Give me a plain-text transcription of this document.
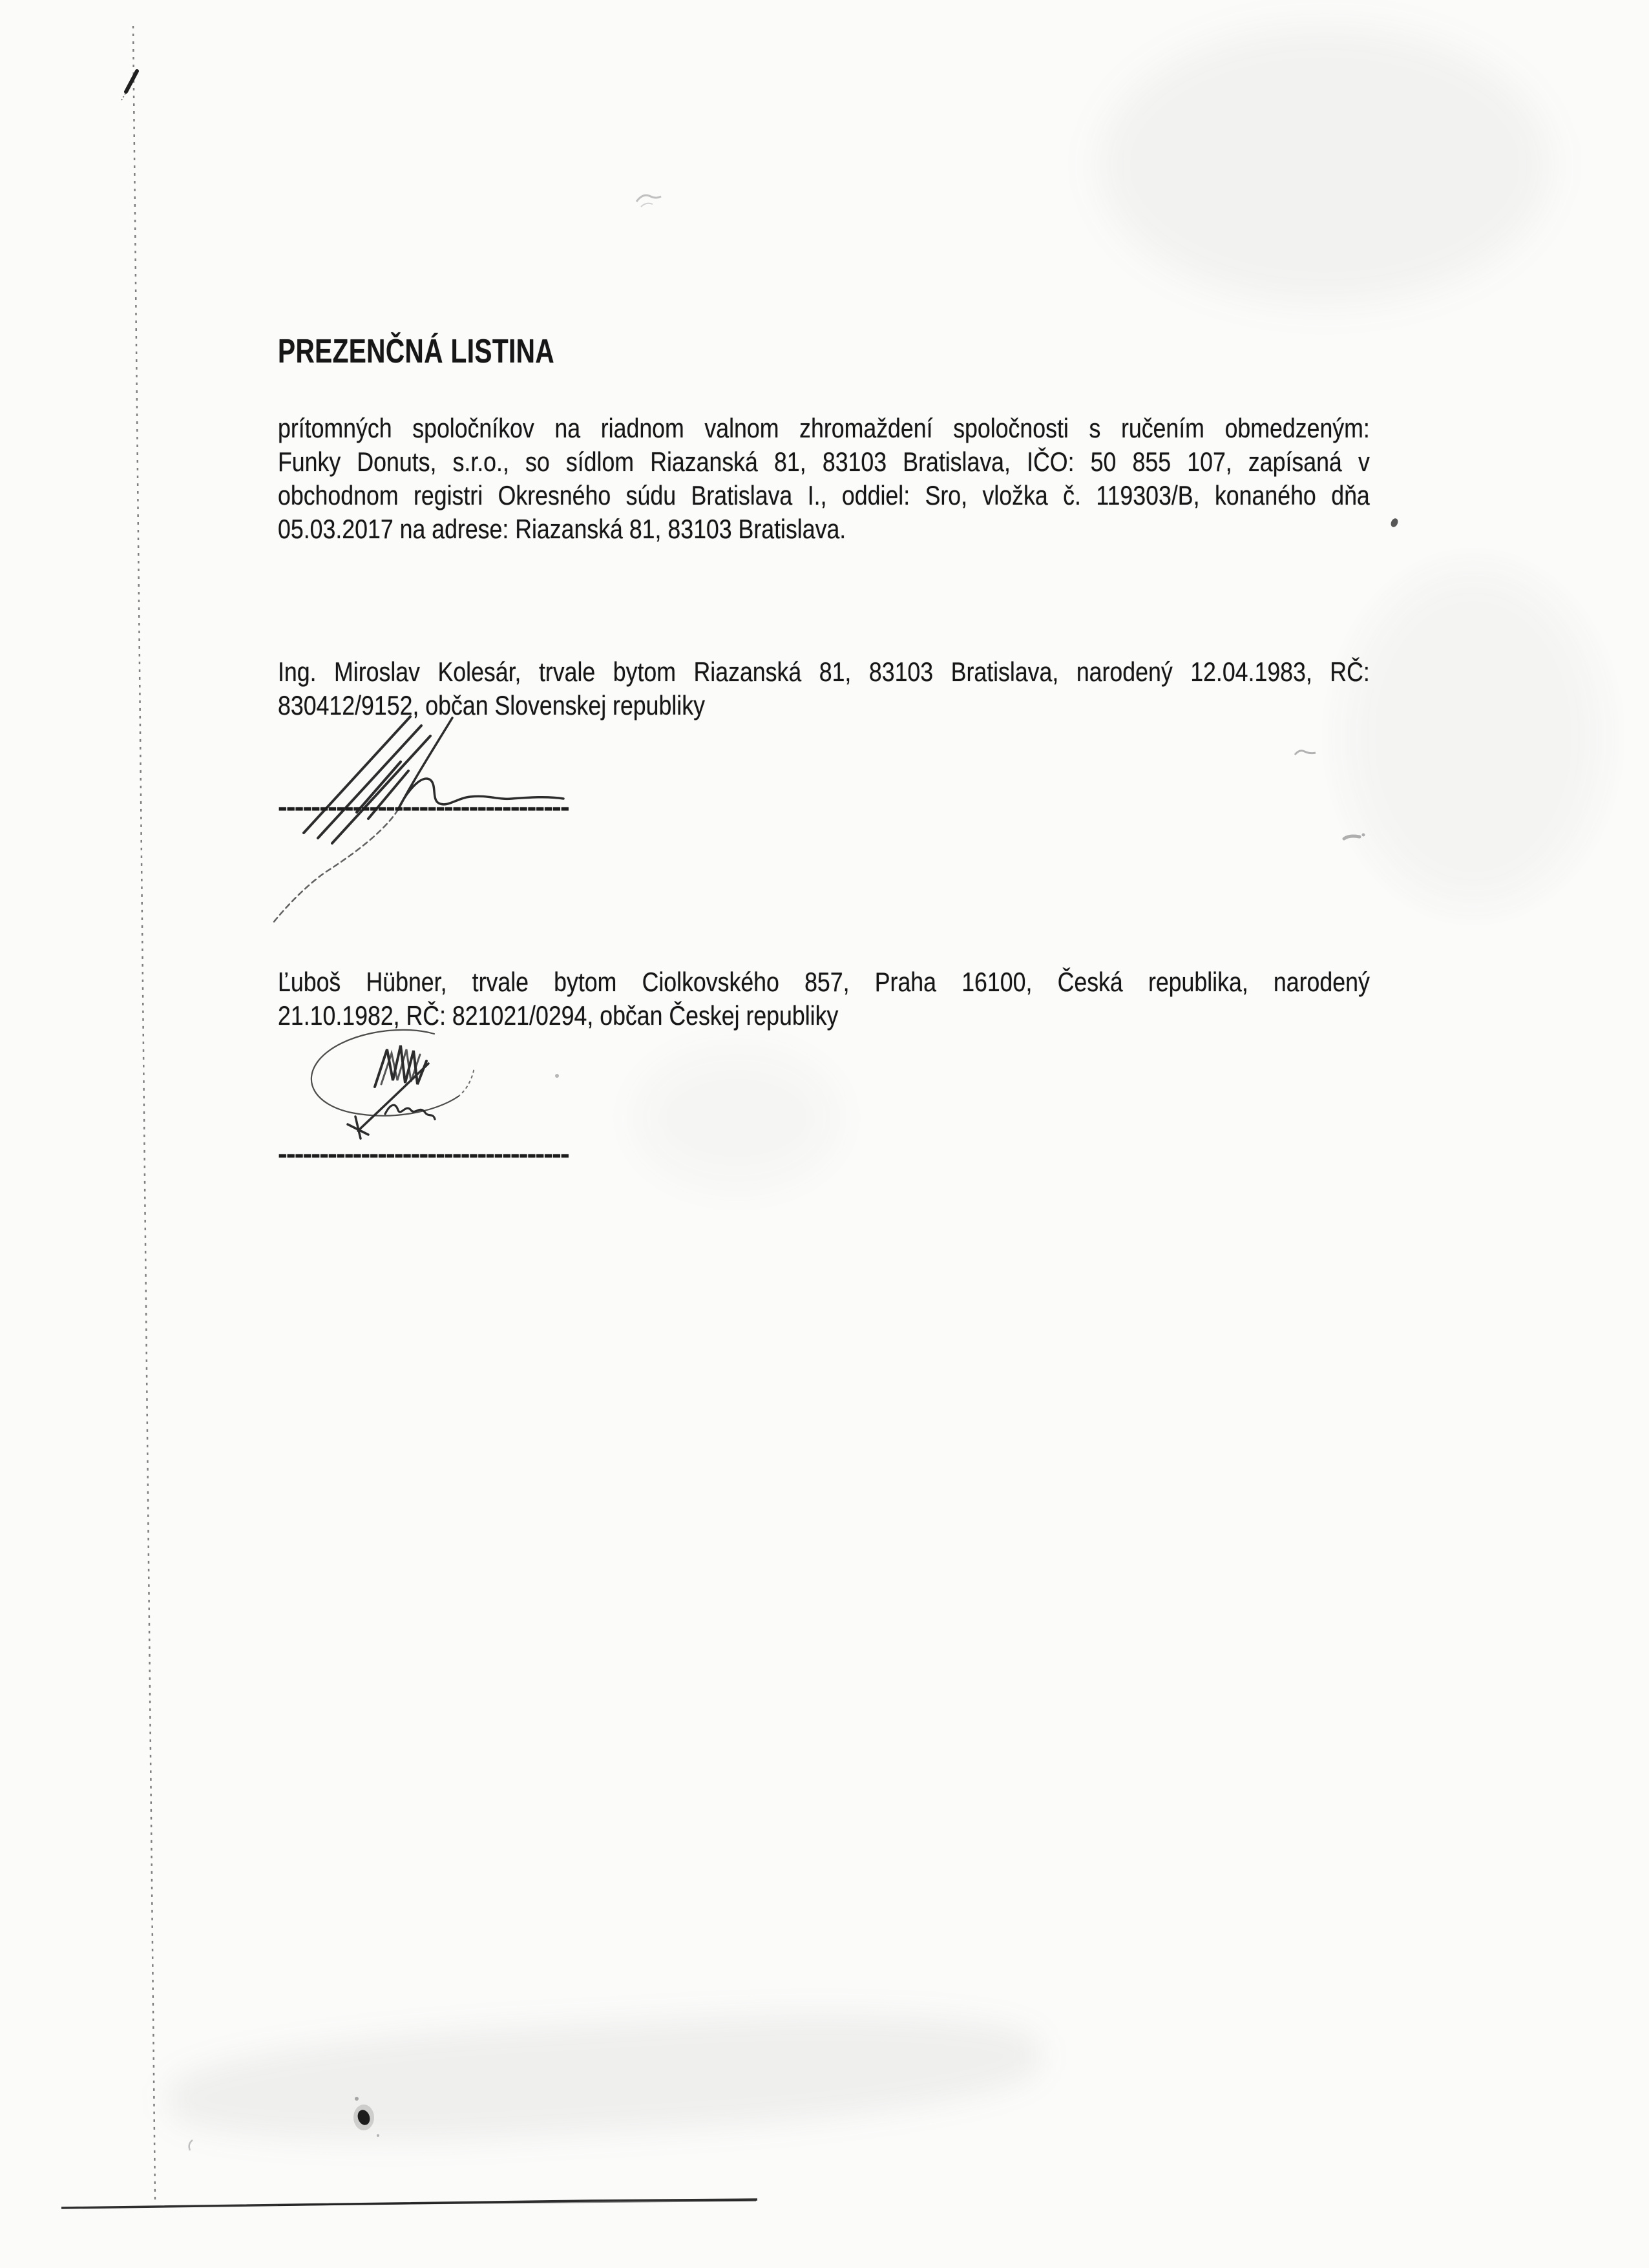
PREZENČNÁ LISTINA
prítomných spoločníkov na riadnom valnom zhromaždení spoločnosti s ručením obmedzeným:
Funky Donuts, s.r.o., so sídlom Riazanská 81, 83103 Bratislava, IČO: 50 855 107, zapísaná v
obchodnom registri Okresného súdu Bratislava I., oddiel: Sro, vložka č. 119303/B, konaného dňa
05.03.2017 na adrese: Riazanská 81, 83103 Bratislava.
Ing. Miroslav Kolesár, trvale bytom Riazanská 81, 83103 Bratislava, narodený 12.04.1983, RČ:
830412/9152, občan Slovenskej republiky
-----------------------------------
Ľuboš Hübner, trvale bytom Ciolkovského 857, Praha 16100, Česká republika, narodený
21.10.1982, RČ: 821021/0294, občan Českej republiky
-----------------------------------
